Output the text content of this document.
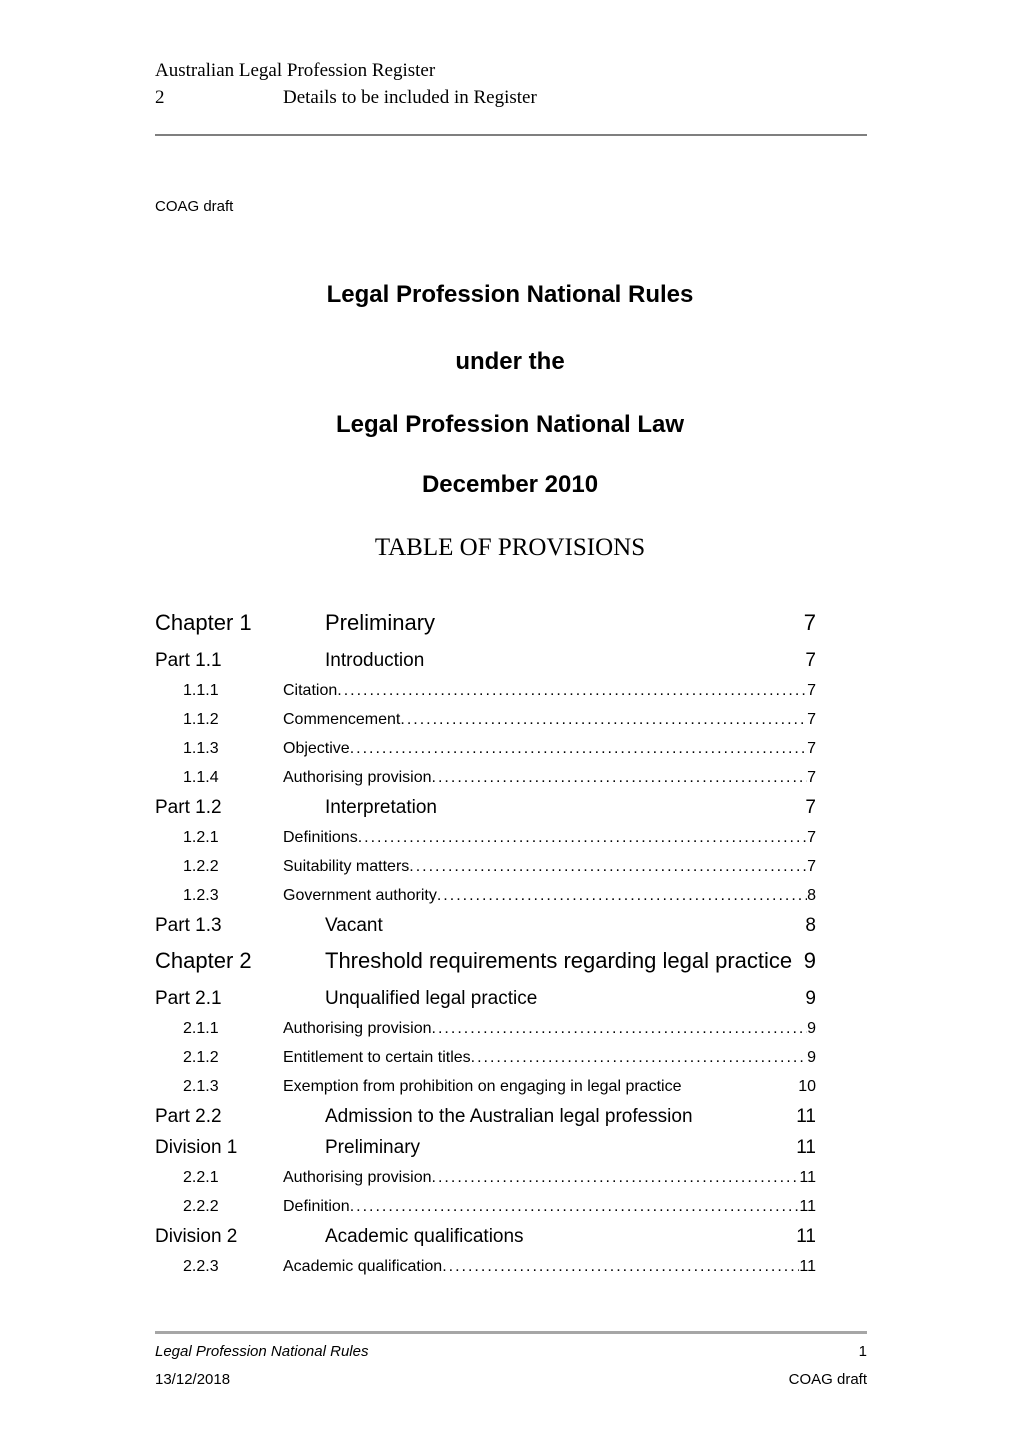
Australian Legal Profession Register
2	Details to be included in Register
COAG draft
Legal Profession National Rules
under the
Legal Profession National Law
December 2010
TABLE OF PROVISIONS
Chapter 1	Preliminary	7
Part 1.1	Introduction	7
1.1.1	Citation .....	7
1.1.2	Commencement .....	7
1.1.3	Objective .....	7
1.1.4	Authorising provision .....	7
Part 1.2	Interpretation	7
1.2.1	Definitions .....	7
1.2.2	Suitability matters .....	7
1.2.3	Government authority .....	8
Part 1.3	Vacant	8
Chapter 2	Threshold requirements regarding legal practice 9
Part 2.1	Unqualified legal practice	9
2.1.1	Authorising provision .....	9
2.1.2	Entitlement to certain titles .....	9
2.1.3	Exemption from prohibition on engaging in legal practice	10
Part 2.2	Admission to the Australian legal profession	11
Division 1	Preliminary	11
2.2.1	Authorising provision .....	11
2.2.2	Definition .....	11
Division 2	Academic qualifications	11
2.2.3	Academic qualification .....	11
Legal Profession National Rules	1
13/12/2018	COAG draft
